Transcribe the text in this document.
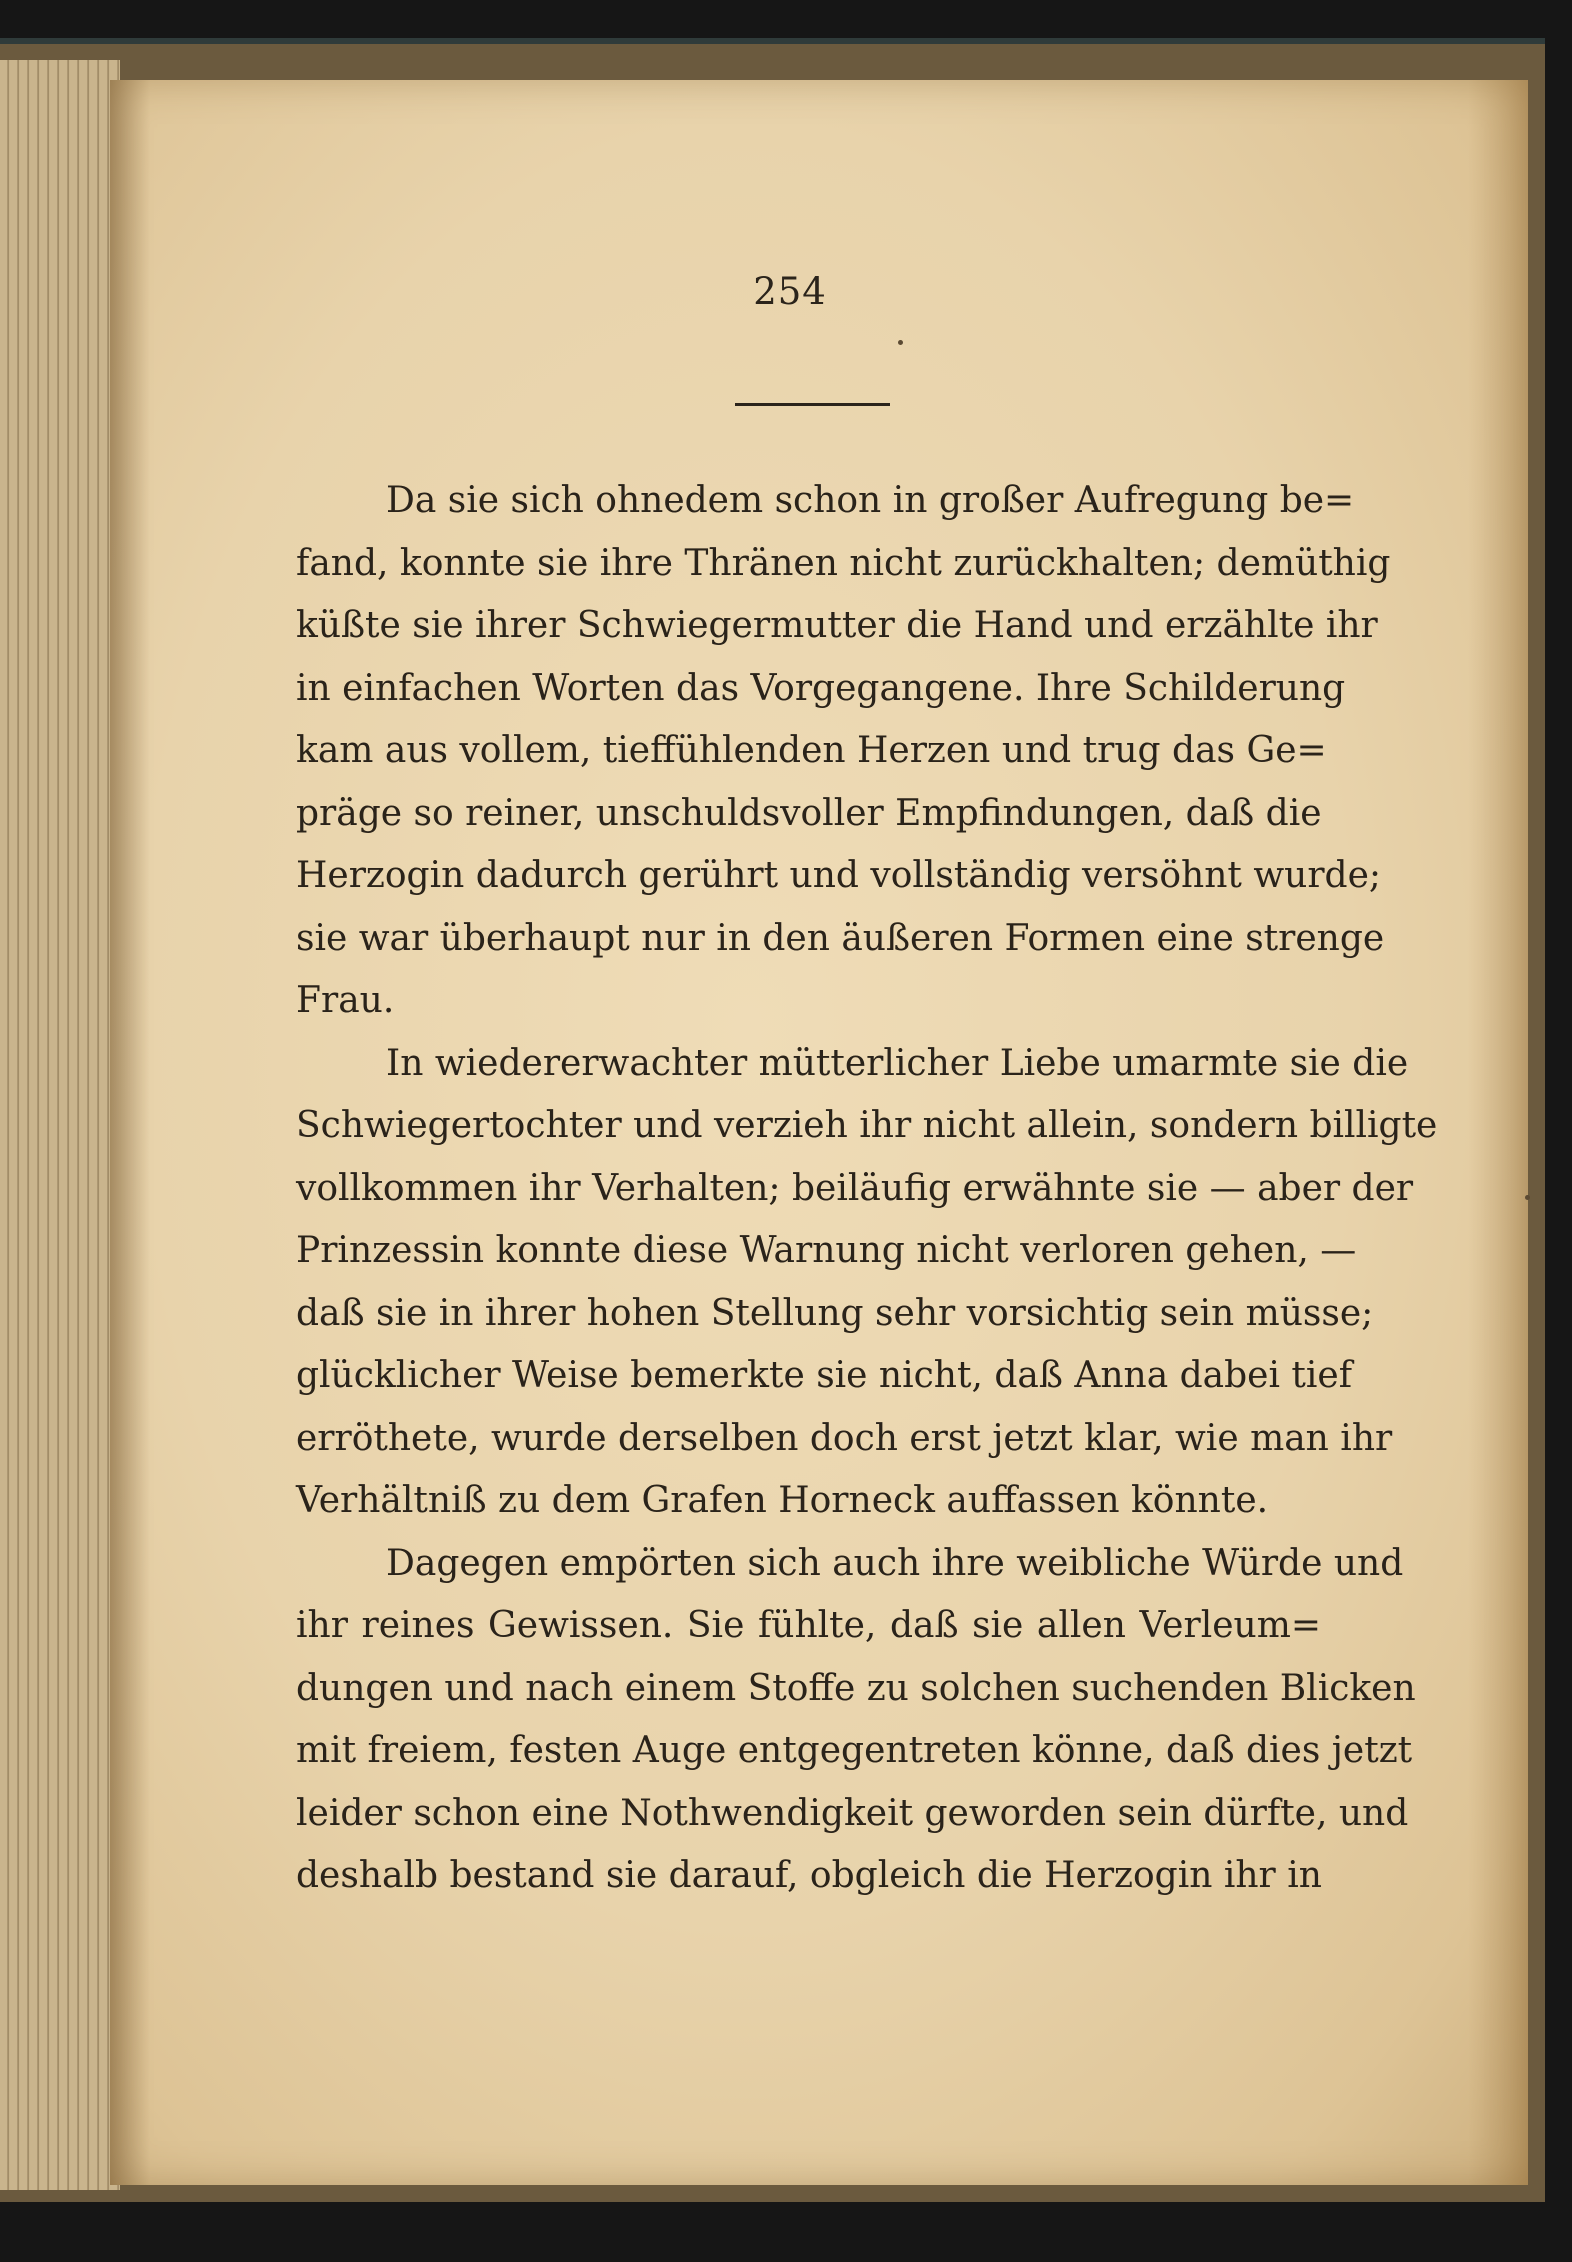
254
Da sie sich ohnedem schon in großer Aufregung be=
fand, konnte sie ihre Thränen nicht zurückhalten; demüthig
küßte sie ihrer Schwiegermutter die Hand und erzählte ihr
in einfachen Worten das Vorgegangene. Ihre Schilderung
kam aus vollem, tieffühlenden Herzen und trug das Ge=
präge so reiner, unschuldsvoller Empfindungen, daß die
Herzogin dadurch gerührt und vollständig versöhnt wurde;
sie war überhaupt nur in den äußeren Formen eine strenge
Frau.
In wiedererwachter mütterlicher Liebe umarmte sie die
Schwiegertochter und verzieh ihr nicht allein, sondern billigte
vollkommen ihr Verhalten; beiläufig erwähnte sie — aber der
Prinzessin konnte diese Warnung nicht verloren gehen, —
daß sie in ihrer hohen Stellung sehr vorsichtig sein müsse;
glücklicher Weise bemerkte sie nicht, daß Anna dabei tief
erröthete, wurde derselben doch erst jetzt klar, wie man ihr
Verhältniß zu dem Grafen Horneck auffassen könnte.
Dagegen empörten sich auch ihre weibliche Würde und
ihr reines Gewissen. Sie fühlte, daß sie allen Verleum=
dungen und nach einem Stoffe zu solchen suchenden Blicken
mit freiem, festen Auge entgegentreten könne, daß dies jetzt
leider schon eine Nothwendigkeit geworden sein dürfte, und
deshalb bestand sie darauf, obgleich die Herzogin ihr in
